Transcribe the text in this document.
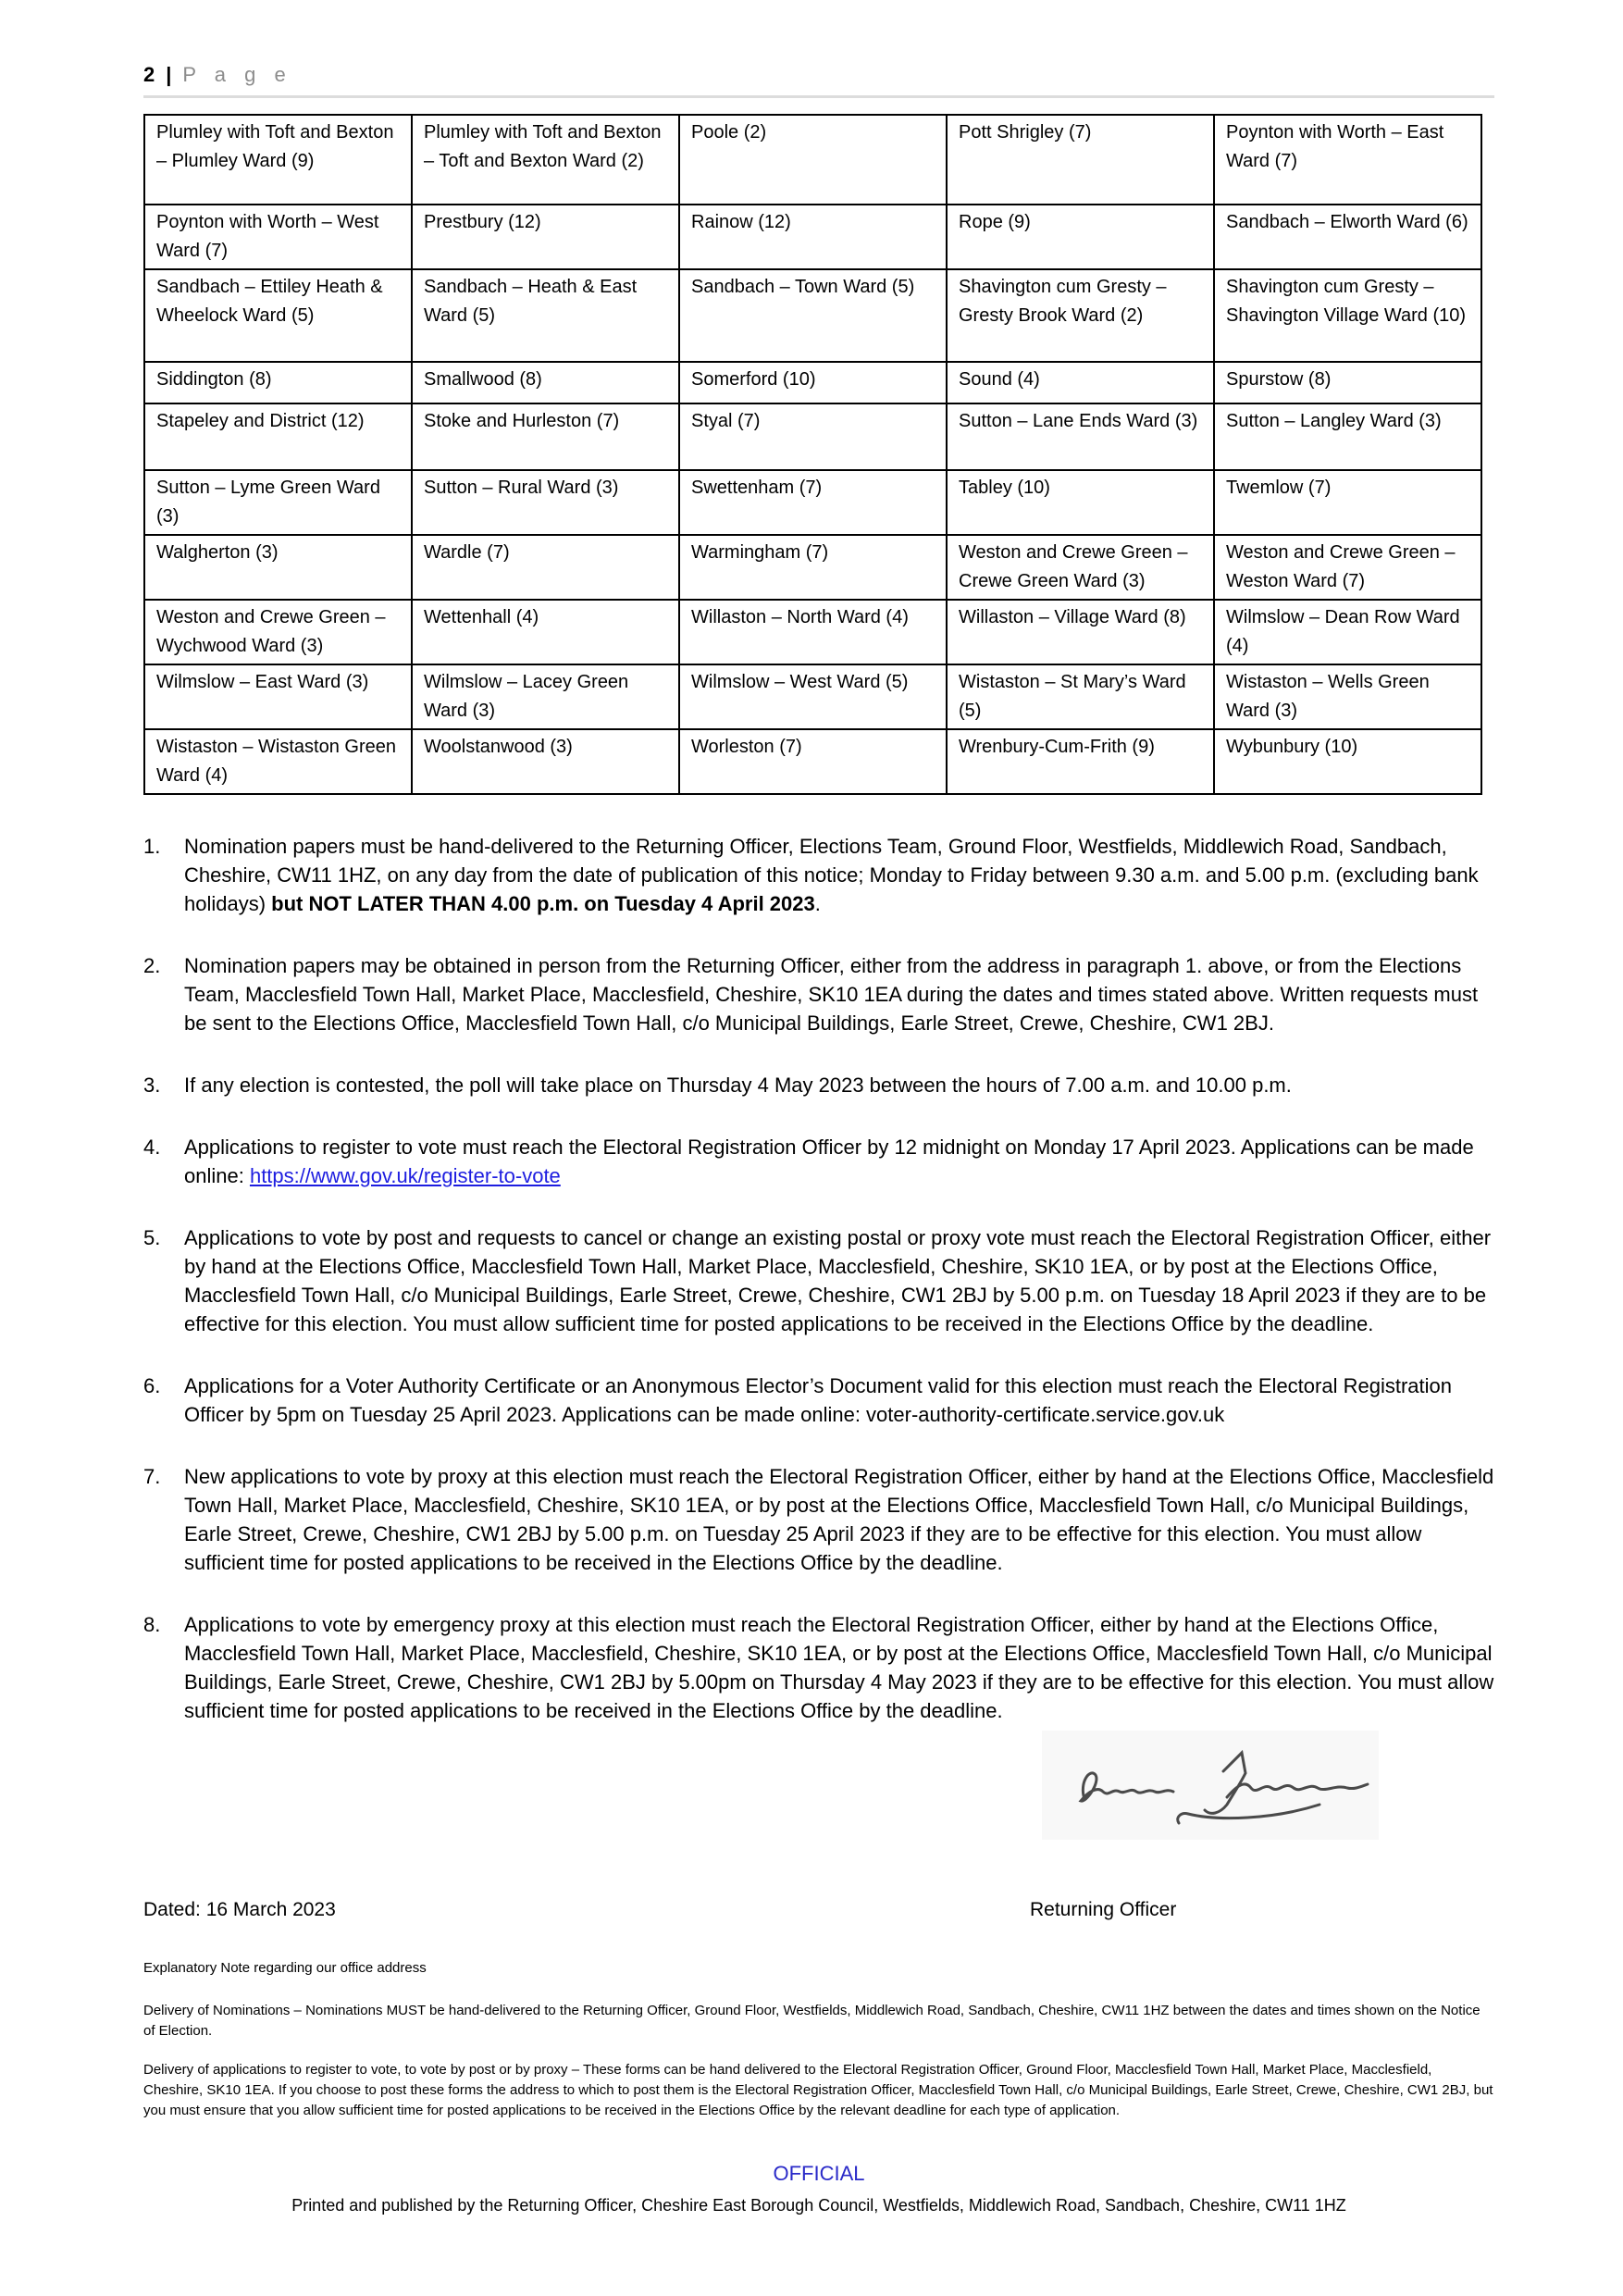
2 | P a g e
Plumley with Toft and Bexton – Plumley Ward (9)	Plumley with Toft and Bexton – Toft and Bexton Ward (2)	Poole (2)	Pott Shrigley (7)	Poynton with Worth – East Ward (7)
Poynton with Worth – West Ward (7)	Prestbury (12)	Rainow (12)	Rope (9)	Sandbach – Elworth Ward (6)
Sandbach – Ettiley Heath & Wheelock Ward (5)	Sandbach – Heath & East Ward (5)	Sandbach – Town Ward (5)	Shavington cum Gresty – Gresty Brook Ward (2)	Shavington cum Gresty – Shavington Village Ward (10)
Siddington (8)	Smallwood (8)	Somerford (10)	Sound (4)	Spurstow (8)
Stapeley and District (12)	Stoke and Hurleston (7)	Styal (7)	Sutton – Lane Ends Ward (3)	Sutton – Langley Ward (3)
Sutton – Lyme Green Ward (3)	Sutton – Rural Ward (3)	Swettenham (7)	Tabley (10)	Twemlow (7)
Walgherton (3)	Wardle (7)	Warmingham (7)	Weston and Crewe Green – Crewe Green Ward (3)	Weston and Crewe Green – Weston Ward (7)
Weston and Crewe Green – Wychwood Ward (3)	Wettenhall (4)	Willaston – North Ward (4)	Willaston – Village Ward (8)	Wilmslow – Dean Row Ward (4)
Wilmslow – East Ward (3)	Wilmslow – Lacey Green Ward (3)	Wilmslow – West Ward (5)	Wistaston – St Mary’s Ward (5)	Wistaston – Wells Green Ward (3)
Wistaston – Wistaston Green Ward (4)	Woolstanwood (3)	Worleston (7)	Wrenbury-Cum-Frith (9)	Wybunbury (10)
1.	Nomination papers must be hand-delivered to the Returning Officer, Elections Team, Ground Floor, Westfields, Middlewich Road, Sandbach, Cheshire, CW11 1HZ, on any day from the date of publication of this notice; Monday to Friday between 9.30 a.m. and 5.00 p.m. (excluding bank holidays) but NOT LATER THAN 4.00 p.m. on Tuesday 4 April 2023.
2.	Nomination papers may be obtained in person from the Returning Officer, either from the address in paragraph 1. above, or from the Elections Team, Macclesfield Town Hall, Market Place, Macclesfield, Cheshire, SK10 1EA during the dates and times stated above. Written requests must be sent to the Elections Office, Macclesfield Town Hall, c/o Municipal Buildings, Earle Street, Crewe, Cheshire, CW1 2BJ.
3.	If any election is contested, the poll will take place on Thursday 4 May 2023 between the hours of 7.00 a.m. and 10.00 p.m.
4.	Applications to register to vote must reach the Electoral Registration Officer by 12 midnight on Monday 17 April 2023. Applications can be made online: https://www.gov.uk/register-to-vote
5.	Applications to vote by post and requests to cancel or change an existing postal or proxy vote must reach the Electoral Registration Officer, either by hand at the Elections Office, Macclesfield Town Hall, Market Place, Macclesfield, Cheshire, SK10 1EA, or by post at the Elections Office, Macclesfield Town Hall, c/o Municipal Buildings, Earle Street, Crewe, Cheshire, CW1 2BJ by 5.00 p.m. on Tuesday 18 April 2023 if they are to be effective for this election. You must allow sufficient time for posted applications to be received in the Elections Office by the deadline.
6.	Applications for a Voter Authority Certificate or an Anonymous Elector’s Document valid for this election must reach the Electoral Registration Officer by 5pm on Tuesday 25 April 2023. Applications can be made online: voter-authority-certificate.service.gov.uk
7.	New applications to vote by proxy at this election must reach the Electoral Registration Officer, either by hand at the Elections Office, Macclesfield Town Hall, Market Place, Macclesfield, Cheshire, SK10 1EA, or by post at the Elections Office, Macclesfield Town Hall, c/o Municipal Buildings, Earle Street, Crewe, Cheshire, CW1 2BJ by 5.00 p.m. on Tuesday 25 April 2023 if they are to be effective for this election. You must allow sufficient time for posted applications to be received in the Elections Office by the deadline.
8.	Applications to vote by emergency proxy at this election must reach the Electoral Registration Officer, either by hand at the Elections Office, Macclesfield Town Hall, Market Place, Macclesfield, Cheshire, SK10 1EA, or by post at the Elections Office, Macclesfield Town Hall, c/o Municipal Buildings, Earle Street, Crewe, Cheshire, CW1 2BJ by 5.00pm on Thursday 4 May 2023 if they are to be effective for this election. You must allow sufficient time for posted applications to be received in the Elections Office by the deadline.
Dated: 16 March 2023	Returning Officer

Explanatory Note regarding our office address

Delivery of Nominations – Nominations MUST be hand-delivered to the Returning Officer, Ground Floor, Westfields, Middlewich Road, Sandbach, Cheshire, CW11 1HZ between the dates and times shown on the Notice of Election.

Delivery of applications to register to vote, to vote by post or by proxy – These forms can be hand delivered to the Electoral Registration Officer, Ground Floor, Macclesfield Town Hall, Market Place, Macclesfield, Cheshire, SK10 1EA. If you choose to post these forms the address to which to post them is the Electoral Registration Officer, Macclesfield Town Hall, c/o Municipal Buildings, Earle Street, Crewe, Cheshire, CW1 2BJ, but you must ensure that you allow sufficient time for posted applications to be received in the Elections Office by the relevant deadline for each type of application.

OFFICIAL
Printed and published by the Returning Officer, Cheshire East Borough Council, Westfields, Middlewich Road, Sandbach, Cheshire, CW11 1HZ
